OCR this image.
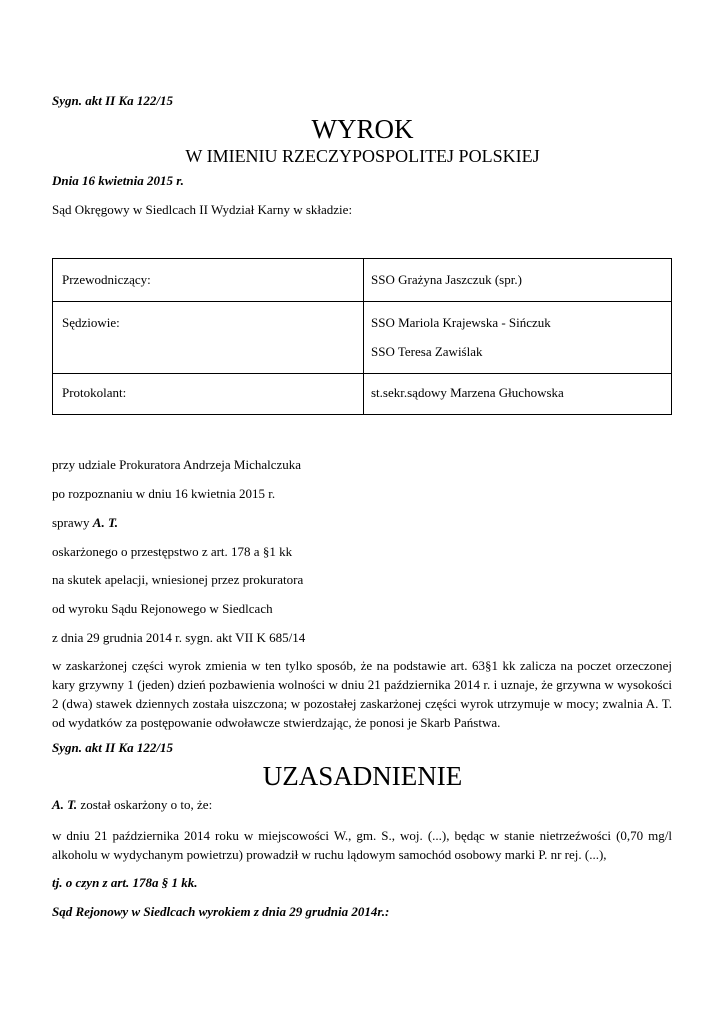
Sygn. akt II Ka 122/15
WYROK
W IMIENIU RZECZYPOSPOLITEJ POLSKIEJ
Dnia 16 kwietnia 2015 r.
Sąd Okręgowy w Siedlcach II Wydział Karny w składzie:
Przewodniczący:	SSO Grażyna Jaszczuk (spr.)
Sędziowie:	SSO Mariola Krajewska - Sińczuk
SSO Teresa Zawiślak
Protokolant:	st.sekr.sądowy Marzena Głuchowska
przy udziale Prokuratora Andrzeja Michalczuka
po rozpoznaniu w dniu 16 kwietnia 2015 r.
sprawy A. T.
oskarżonego o przestępstwo z art. 178 a §1 kk
na skutek apelacji, wniesionej przez prokuratora
od wyroku Sądu Rejonowego w Siedlcach
z dnia 29 grudnia 2014 r. sygn. akt VII K 685/14
w zaskarżonej części wyrok zmienia w ten tylko sposób, że na podstawie art. 63§1 kk zalicza na poczet orzeczonej kary grzywny 1 (jeden) dzień pozbawienia wolności w dniu 21 października 2014 r. i uznaje, że grzywna w wysokości 2 (dwa) stawek dziennych została uiszczona; w pozostałej zaskarżonej części wyrok utrzymuje w mocy; zwalnia A. T. od wydatków za postępowanie odwoławcze stwierdzając, że ponosi je Skarb Państwa.
Sygn. akt II Ka 122/15
UZASADNIENIE
A. T. został oskarżony o to, że:
w dniu 21 października 2014 roku w miejscowości W., gm. S., woj. (...), będąc w stanie nietrzeźwości (0,70 mg/l alkoholu w wydychanym powietrzu) prowadził w ruchu lądowym samochód osobowy marki P. nr rej. (...),
tj. o czyn z art. 178a § 1 kk.
Sąd Rejonowy w Siedlcach wyrokiem z dnia 29 grudnia 2014r.:
